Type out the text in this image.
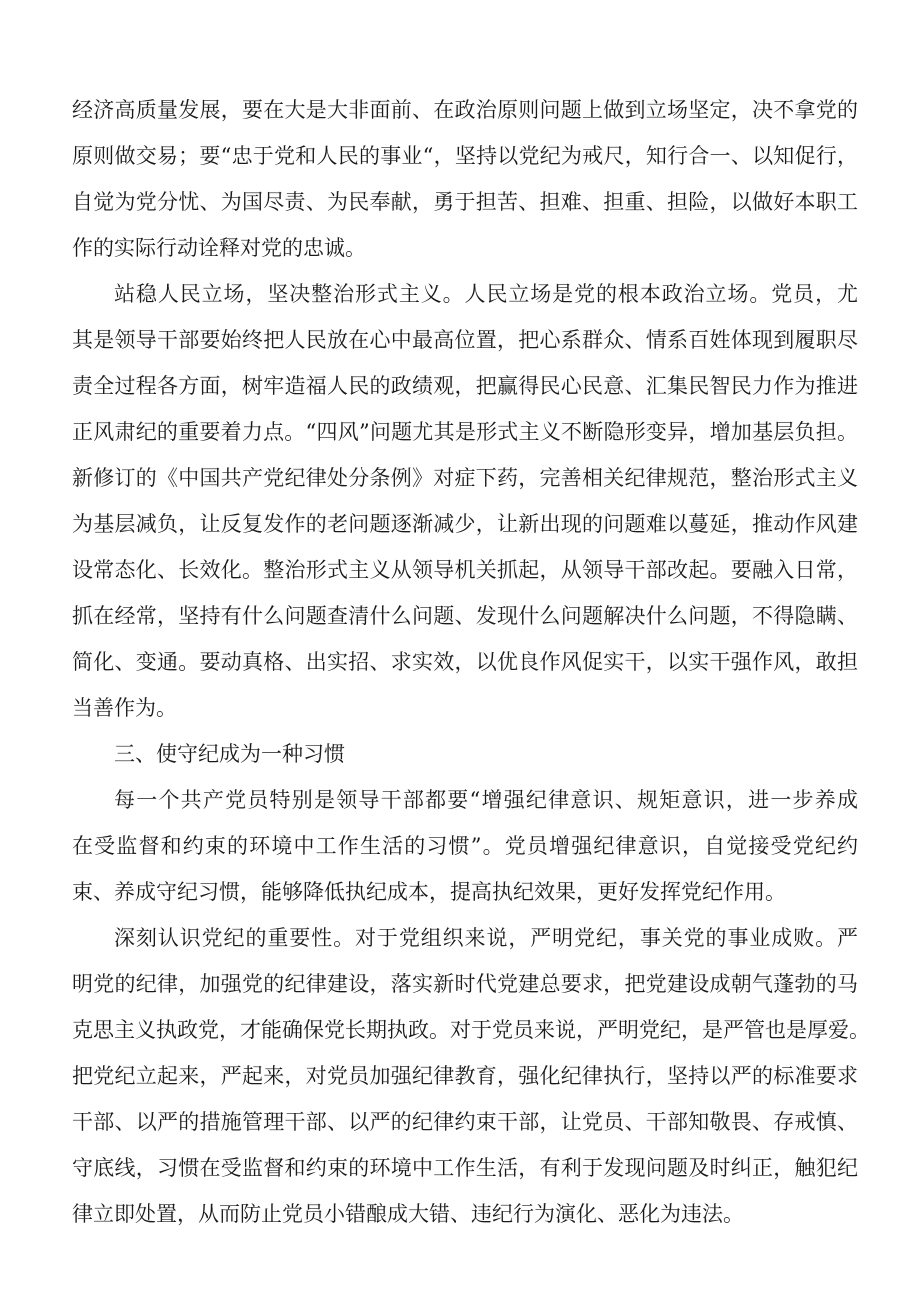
经济高质量发展，要在大是大非面前、在政治原则问题上做到立场坚定，决不拿党的
原则做交易；要“忠于党和人民的事业“，坚持以党纪为戒尺，知行合一、以知促行，
自觉为党分忧、为国尽责、为民奉献，勇于担苦、担难、担重、担险，以做好本职工
作的实际行动诠释对党的忠诚。
站稳人民立场，坚决整治形式主义。人民立场是党的根本政治立场。党员，尤
其是领导干部要始终把人民放在心中最高位置，把心系群众、情系百姓体现到履职尽
责全过程各方面，树牢造福人民的政绩观，把赢得民心民意、汇集民智民力作为推进
正风肃纪的重要着力点。“四风”问题尤其是形式主义不断隐形变异，增加基层负担。
新修订的《中国共产党纪律处分条例》对症下药，完善相关纪律规范，整治形式主义
为基层减负，让反复发作的老问题逐渐减少，让新出现的问题难以蔓延，推动作风建
设常态化、长效化。整治形式主义从领导机关抓起，从领导干部改起。要融入日常，
抓在经常，坚持有什么问题查清什么问题、发现什么问题解决什么问题，不得隐瞒、
简化、变通。要动真格、出实招、求实效，以优良作风促实干，以实干强作风，敢担
当善作为。
三、使守纪成为一种习惯
每一个共产党员特别是领导干部都要“增强纪律意识、规矩意识，进一步养成
在受监督和约束的环境中工作生活的习惯”。党员增强纪律意识，自觉接受党纪约
束、养成守纪习惯，能够降低执纪成本，提高执纪效果，更好发挥党纪作用。
深刻认识党纪的重要性。对于党组织来说，严明党纪，事关党的事业成败。严
明党的纪律，加强党的纪律建设，落实新时代党建总要求，把党建设成朝气蓬勃的马
克思主义执政党，才能确保党长期执政。对于党员来说，严明党纪，是严管也是厚爱。
把党纪立起来，严起来，对党员加强纪律教育，强化纪律执行，坚持以严的标准要求
干部、以严的措施管理干部、以严的纪律约束干部，让党员、干部知敬畏、存戒慎、
守底线，习惯在受监督和约束的环境中工作生活，有利于发现问题及时纠正，触犯纪
律立即处置，从而防止党员小错酿成大错、违纪行为演化、恶化为违法。
